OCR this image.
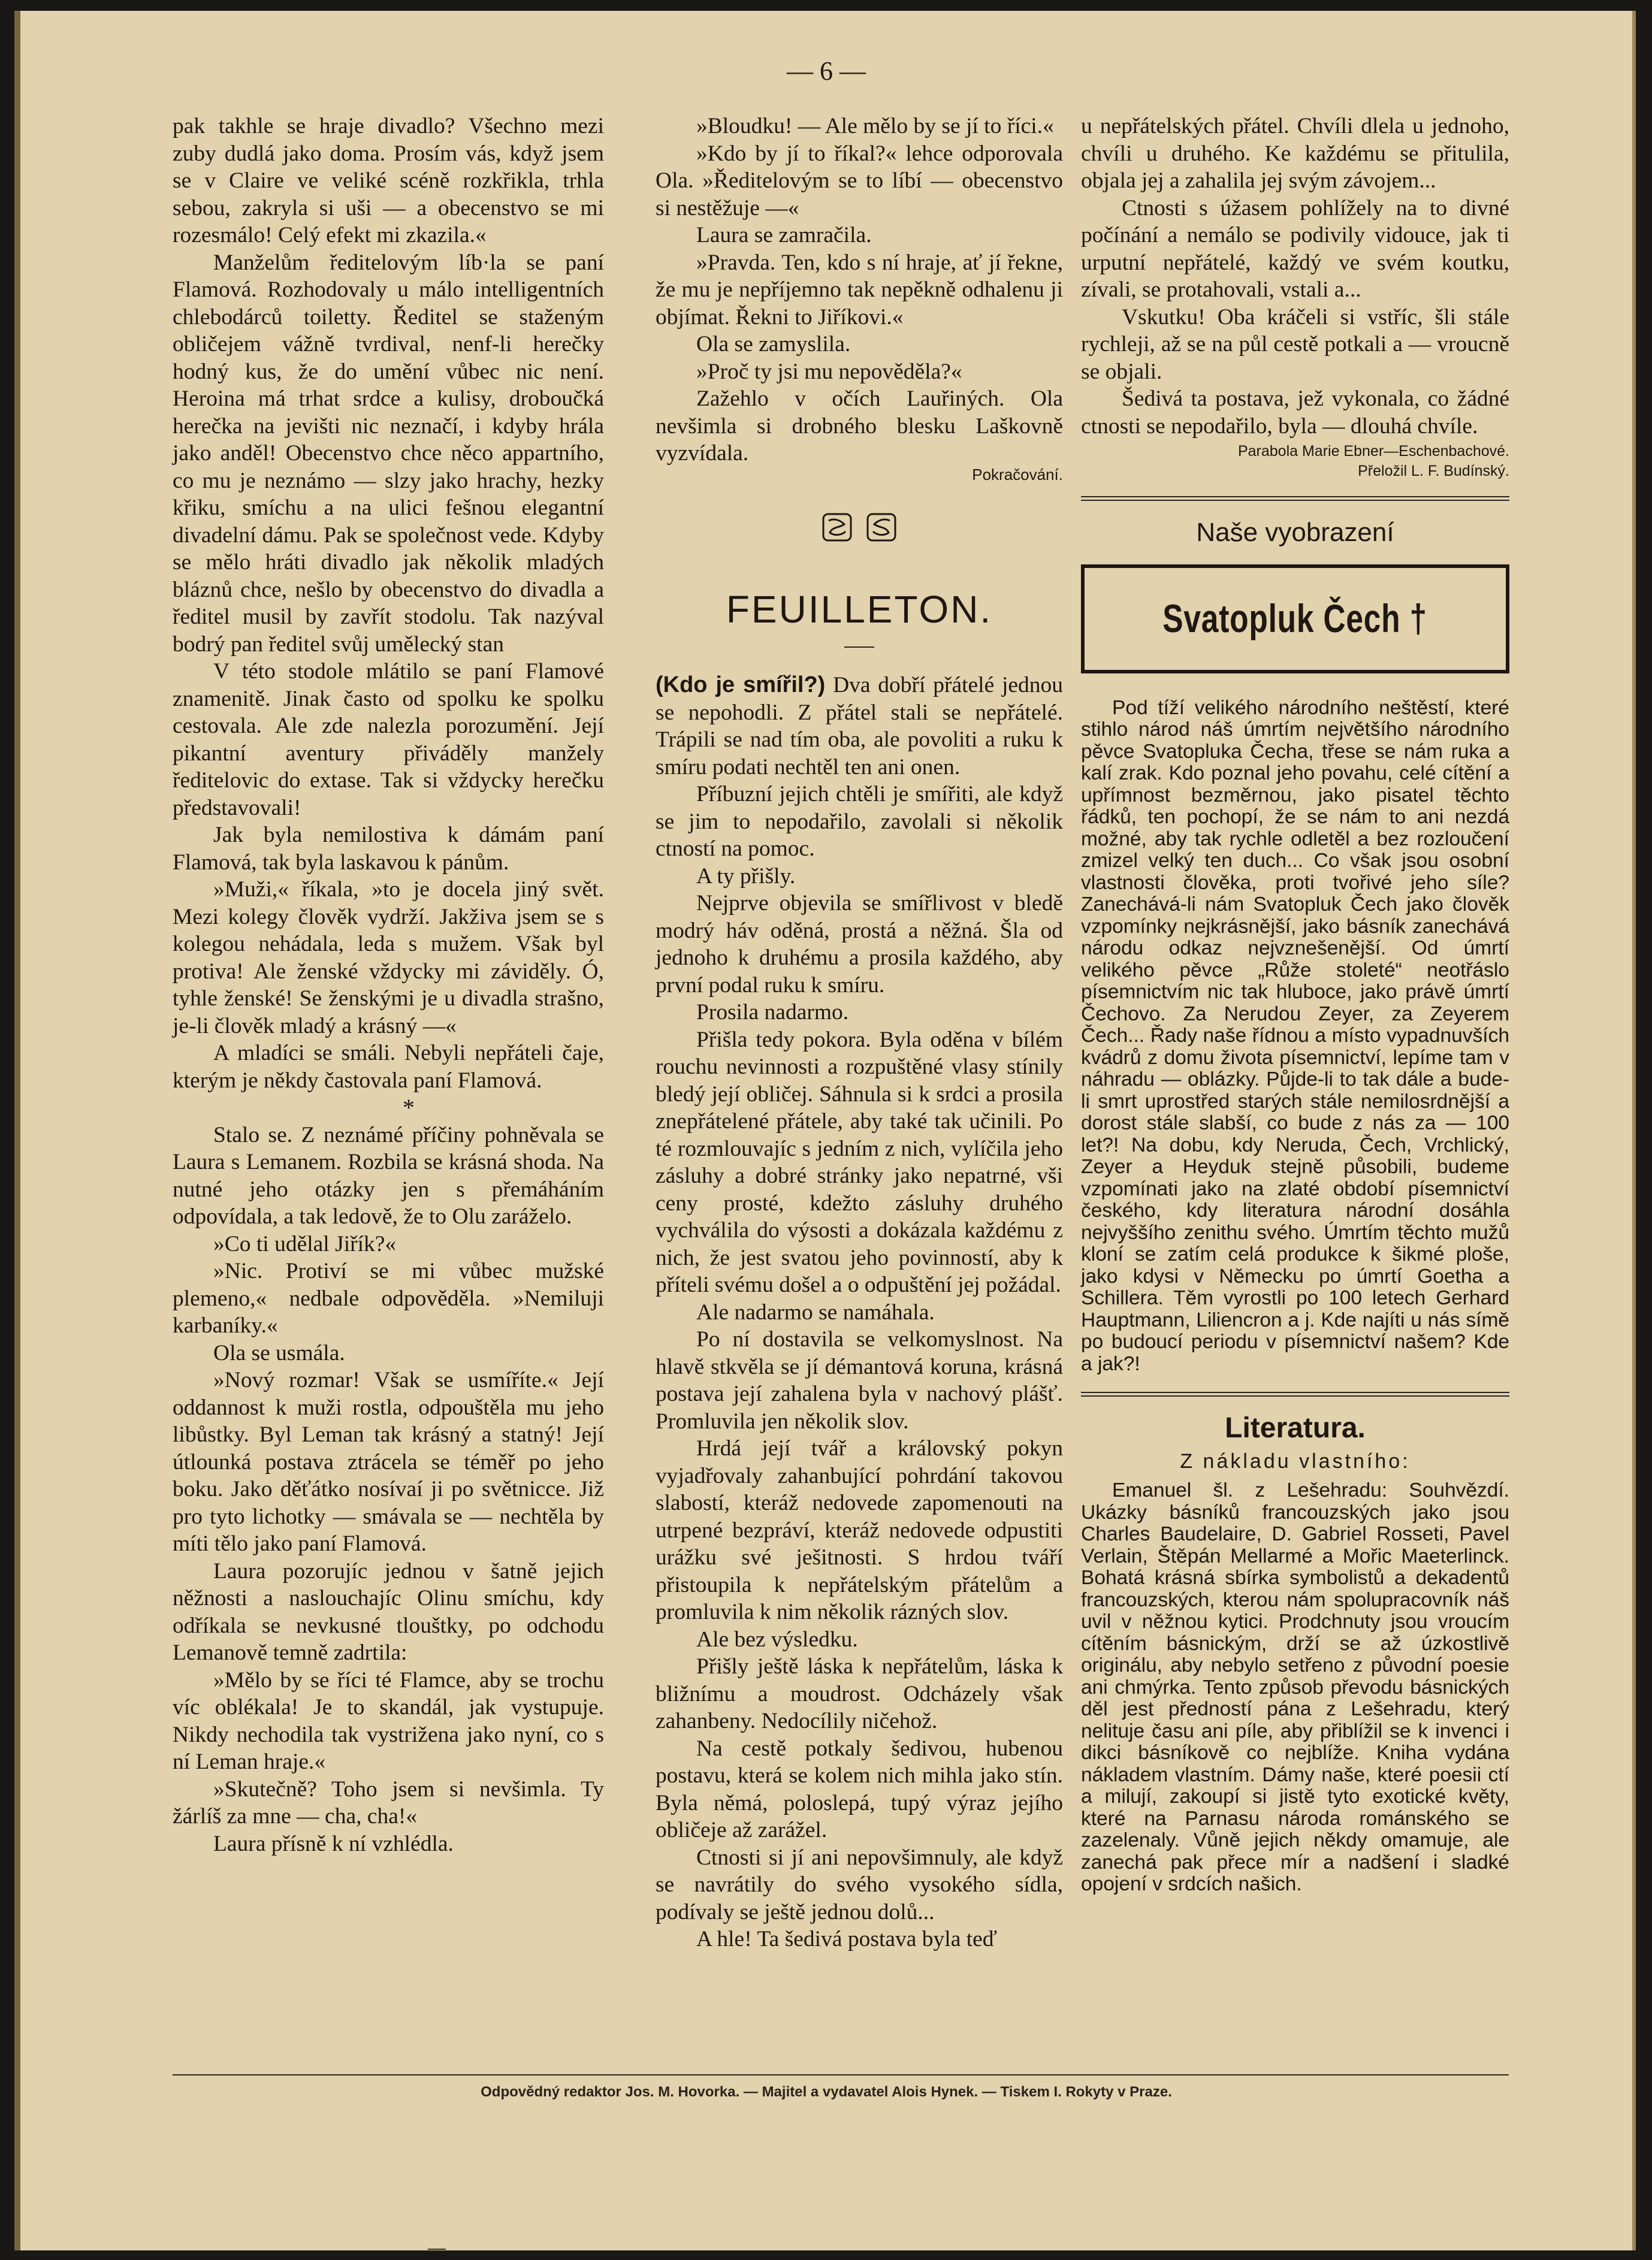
— 6 —

pak takhle se hraje divadlo? Všechno mezi zuby dudlá jako doma. Prosím vás, když jsem se v Claire ve veliké scéně rozkřikla, trhla sebou, zakryla si uši — a obecenstvo se mi rozesmálo! Celý efekt mi zkazila.«

Manželům ředitelovým líb·la se paní Flamová. Rozhodovaly u málo intelligentních chlebodárců toiletty. Ředitel se staženým obličejem vážně tvrdival, nenf-li herečky hodný kus, že do umění vůbec nic není. Heroina má trhat srdce a kulisy, droboučká herečka na jevišti nic neznačí, i kdyby hrála jako anděl! Obecenstvo chce něco appartního, co mu je neznámo — slzy jako hrachy, hezky křiku, smíchu a na ulici fešnou elegantní divadelní dámu. Pak se společnost vede. Kdyby se mělo hráti divadlo jak několik mladých bláznů chce, nešlo by obecenstvo do divadla a ředitel musil by zavřít stodolu. Tak nazýval bodrý pan ředitel svůj umělecký stan

V této stodole mlátilo se paní Flamové znamenitě. Jinak často od spolku ke spolku cestovala. Ale zde nalezla porozumění. Její pikantní aventury přiváděly manžely ředitelovic do extase. Tak si vždycky herečku představovali!

Jak byla nemilostiva k dámám paní Flamová, tak byla laskavou k pánům.

»Muži,« říkala, »to je docela jiný svět. Mezi kolegy člověk vydrží. Jakživa jsem se s kolegou nehádala, leda s mužem. Však byl protiva! Ale ženské vždycky mi záviděly. Ó, tyhle ženské! Se ženskými je u divadla strašno, je-li člověk mladý a krásný —«

A mladíci se smáli. Nebyli nepřáteli čaje, kterým je někdy častovala paní Flamová.

*

Stalo se. Z neznámé příčiny pohněvala se Laura s Lemanem. Rozbila se krásná shoda. Na nutné jeho otázky jen s přemáháním odpovídala, a tak ledově, že to Olu zaráželo.

»Co ti udělal Jiřík?«

»Nic. Protiví se mi vůbec mužské plemeno,« nedbale odpověděla. »Nemiluji karbaníky.«

Ola se usmála.

»Nový rozmar! Však se usmíříte.« Její oddannost k muži rostla, odpouštěla mu jeho libůstky. Byl Leman tak krásný a statný! Její útlounká postava ztrácela se téměř po jeho boku. Jako děťátko nosívaí ji po světnicce. Již pro tyto lichotky — smávala se — nechtěla by míti tělo jako paní Flamová.

Laura pozorujíc jednou v šatně jejich něžnosti a naslouchajíc Olinu smíchu, kdy odříkala se nevkusné tlouštky, po odchodu Lemanově temně zadrtila:

»Mělo by se říci té Flamce, aby se trochu víc oblékala! Je to skandál, jak vystupuje. Nikdy nechodila tak vystrižena jako nyní, co s ní Leman hraje.«

»Skutečně? Toho jsem si nevšimla. Ty žárlíš za mne — cha, cha!«

Laura přísně k ní vzhlédla.

»Bloudku! — Ale mělo by se jí to říci.«

»Kdo by jí to říkal?« lehce odporovala Ola. »Ředitelovým se to líbí — obecenstvo si nestěžuje —«

Laura se zamračila.

»Pravda. Ten, kdo s ní hraje, ať jí řekne, že mu je nepříjemno tak nepěkně odhalenu ji objímat. Řekni to Jiříkovi.«

Ola se zamyslila.

»Proč ty jsi mu nepověděla?«

Zažehlo v očích Lauřiných. Ola nevšimla si drobného blesku Laškovně vyzvídala.

Pokračování.
FEUILLETON.

(Kdo je smířil?) Dva dobří přátelé jednou se nepohodli. Z přátel stali se nepřátelé. Trápili se nad tím oba, ale povoliti a ruku k smíru podati nechtěl ten ani onen.

Příbuzní jejich chtěli je smířiti, ale když se jim to nepodařilo, zavolali si několik ctností na pomoc.

A ty přišly.

Nejprve objevila se smířlivost v bledě modrý háv oděná, prostá a něžná. Šla od jednoho k druhému a prosila každého, aby první podal ruku k smíru.

Prosila nadarmo.

Přišla tedy pokora. Byla oděna v bílém rouchu nevinnosti a rozpuštěné vlasy stínily bledý její obličej. Sáhnula si k srdci a prosila znepřátelené přátele, aby také tak učinili. Po té rozmlouvajíc s jedním z nich, vylíčila jeho zásluhy a dobré stránky jako nepatrné, vši ceny prosté, kdežto zásluhy druhého vychválila do výsosti a dokázala každému z nich, že jest svatou jeho povinností, aby k příteli svému došel a o odpuštění jej požádal.

Ale nadarmo se namáhala.

Po ní dostavila se velkomyslnost. Na hlavě stkvěla se jí démantová koruna, krásná postava její zahalena byla v nachový plášť. Promluvila jen několik slov.

Hrdá její tvář a královský pokyn vyjadřovaly zahanbující pohrdání takovou slabostí, kteráž nedovede zapomenouti na utrpené bezpráví, kteráž nedovede odpustiti urážku své ješitnosti. S hrdou tváří přistoupila k nepřátelským přátelům a promluvila k nim několik rázných slov.

Ale bez výsledku.

Přišly ještě láska k nepřátelům, láska k bližnímu a moudrost. Odcházely však zahanbeny. Nedocílily ničehož.

Na cestě potkaly šedivou, hubenou postavu, která se kolem nich mihla jako stín. Byla němá, poloslepá, tupý výraz jejího obličeje až zarážel.

Ctnosti si jí ani nepovšimnuly, ale když se navrátily do svého vysokého sídla, podívaly se ještě jednou dolů...

A hle! Ta šedivá postava byla teď

u nepřátelských přátel. Chvíli dlela u jednoho, chvíli u druhého. Ke každému se přitulila, objala jej a zahalila jej svým závojem...

Ctnosti s úžasem pohlížely na to divné počínání a nemálo se podivily vidouce, jak ti urputní nepřátelé, každý ve svém koutku, zívali, se protahovali, vstali a...

Vskutku! Oba kráčeli si vstříc, šli stále rychleji, až se na půl cestě potkali a — vroucně se objali.

Šedivá ta postava, jež vykonala, co žádné ctnosti se nepodařilo, byla — dlouhá chvíle.

Parabola Marie Ebner—Eschenbachové.
Přeložil L. F. Budínský.
Naše vyobrazení
Svatopluk Čech †

Pod tíží velikého národního neštěstí, které stihlo národ náš úmrtím největšího národního pěvce Svatopluka Čecha, třese se nám ruka a kalí zrak. Kdo poznal jeho povahu, celé cítění a upřímnost bezměrnou, jako pisatel těchto řádků, ten pochopí, že se nám to ani nezdá možné, aby tak rychle odletěl a bez rozloučení zmizel velký ten duch... Co však jsou osobní vlastnosti člověka, proti tvořivé jeho síle? Zanechává-li nám Svatopluk Čech jako člověk vzpomínky nejkrásnější, jako básník zanechává národu odkaz nejvznešenější. Od úmrtí velikého pěvce „Růže stoleté“ neotřáslo písemnictvím nic tak hluboce, jako právě úmrtí Čechovo. Za Nerudou Zeyer, za Zeyerem Čech... Řady naše řídnou a místo vypadnuvších kvádrů z domu života písemnictví, lepíme tam v náhradu — oblázky. Půjde-li to tak dále a bude-li smrt uprostřed starých stále nemilosrdnější a dorost stále slabší, co bude z nás za — 100 let?! Na dobu, kdy Neruda, Čech, Vrchlický, Zeyer a Heyduk stejně působili, budeme vzpomínati jako na zlaté období písemnictví českého, kdy literatura národní dosáhla nejvyššího zenithu svého. Úmrtím těchto mužů kloní se zatím celá produkce k šikmé ploše, jako kdysi v Německu po úmrtí Goetha a Schillera. Těm vyrostli po 100 letech Gerhard Hauptmann, Liliencron a j. Kde najíti u nás símě po budoucí periodu v písemnictví našem? Kde a jak?!

Literatura.
Z nákladu vlastního:

Emanuel šl. z Lešehradu: Souhvězdí. Ukázky básníků francouzských jako jsou Charles Baudelaire, D. Gabriel Rosseti, Pavel Verlain, Štěpán Mellarmé a Mořic Maeterlinck. Bohatá krásná sbírka symbolistů a dekadentů francouzských, kterou nám spolupracovník náš uvil v něžnou kytici. Prodchnuty jsou vroucím cítěním básnickým, drží se až úzkostlivě originálu, aby nebylo setřeno z původní poesie ani chmýrka. Tento způsob převodu básnických děl jest předností pána z Lešehradu, který nelituje času ani píle, aby přiblížil se k invenci i dikci básníkově co nejblíže. Kniha vydána nákladem vlastním. Dámy naše, které poesii ctí a milují, zakoupí si jistě tyto exotické květy, které na Parnasu národa románského se zazelenaly. Vůně jejich někdy omamuje, ale zanechá pak přece mír a nadšení i sladké opojení v srdcích našich.

Odpovědný redaktor Jos. M. Hovorka. — Majitel a vydavatel Alois Hynek. — Tiskem I. Rokyty v Praze.
